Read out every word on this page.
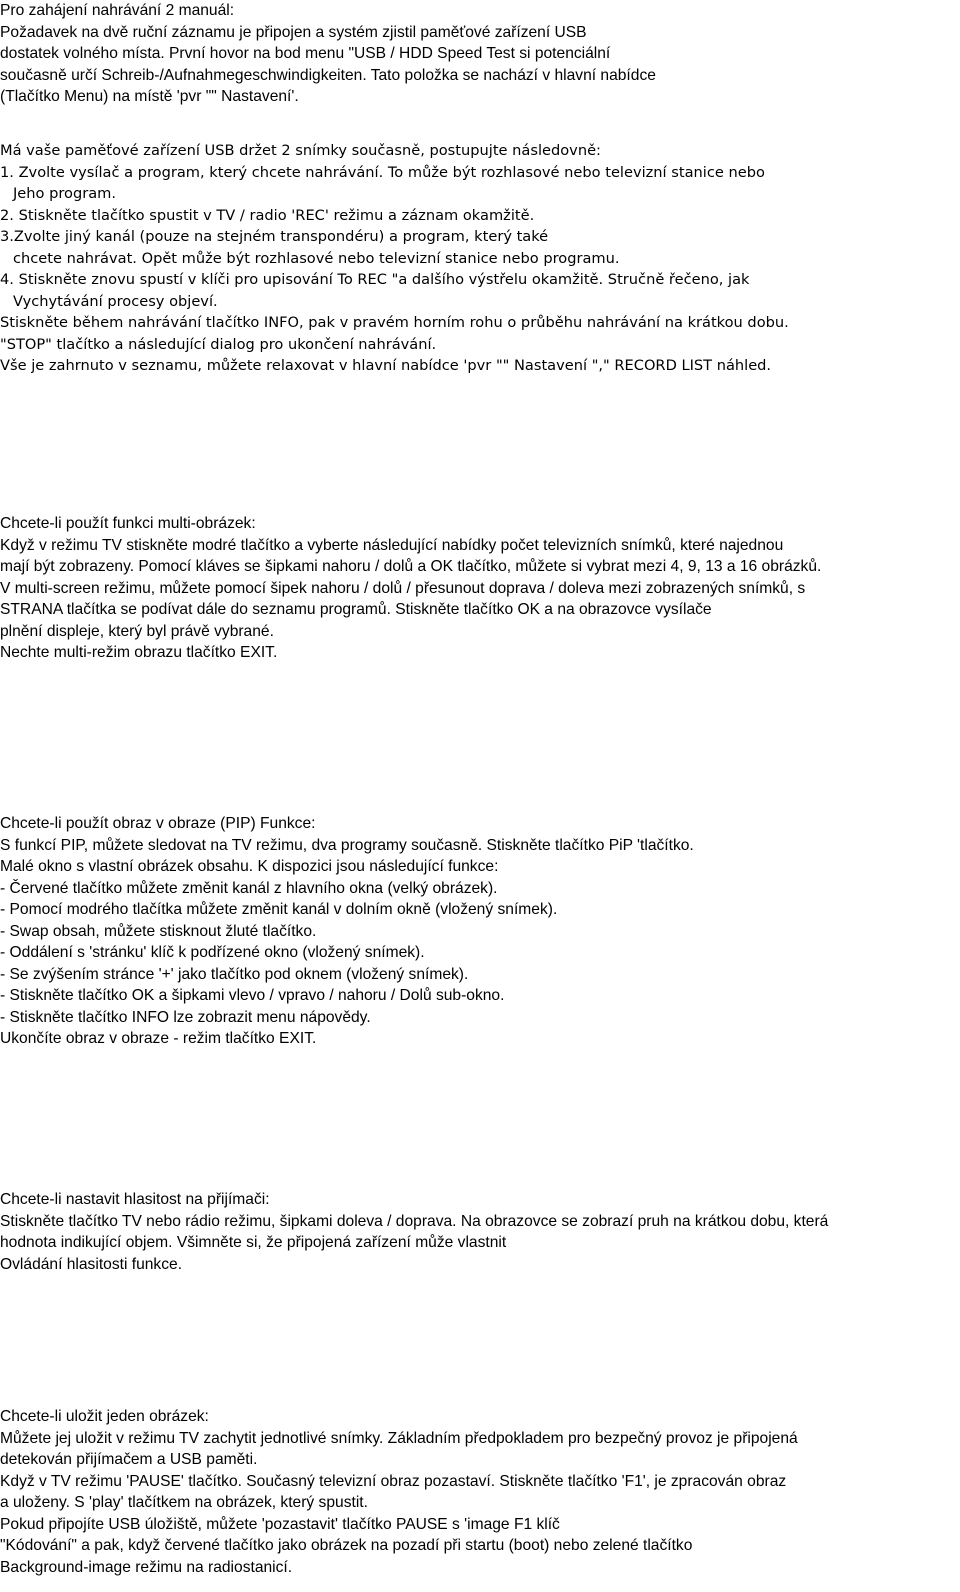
Pro zahájení nahrávání 2 manuál:
Požadavek na dvě ruční záznamu je připojen a systém zjistil paměťové zařízení USB
dostatek volného místa. První hovor na bod menu "USB / HDD Speed Test si potenciální
současně určí Schreib-/Aufnahmegeschwindigkeiten. Tato položka se nachází v hlavní nabídce
(Tlačítko Menu) na místě 'pvr "" Nastavení'.
Má vaše paměťové zařízení USB držet 2 snímky současně, postupujte následovně:
1. Zvolte vysílač a program, který chcete nahrávání. To může být rozhlasové nebo televizní stanice nebo
Jeho program.
2. Stiskněte tlačítko spustit v TV / radio 'REC' režimu a záznam okamžitě.
3.Zvolte jiný kanál (pouze na stejném transpondéru) a program, který také
chcete nahrávat. Opět může být rozhlasové nebo televizní stanice nebo programu.
4. Stiskněte znovu spustí v klíči pro upisování To REC "a dalšího výstřelu okamžitě. Stručně řečeno, jak
Vychytávání procesy objeví.
Stiskněte během nahrávání tlačítko INFO, pak v pravém horním rohu o průběhu nahrávání na krátkou dobu.
"STOP" tlačítko a následující dialog pro ukončení nahrávání.
Vše je zahrnuto v seznamu, můžete relaxovat v hlavní nabídce 'pvr "" Nastavení "," RECORD LIST náhled.
Chcete-li použít funkci multi-obrázek:
Když v režimu TV stiskněte modré tlačítko a vyberte následující nabídky počet televizních snímků, které najednou
mají být zobrazeny. Pomocí kláves se šipkami nahoru / dolů a OK tlačítko, můžete si vybrat mezi 4, 9, 13 a 16 obrázků.
V multi-screen režimu, můžete pomocí šipek nahoru / dolů / přesunout doprava / doleva mezi zobrazených snímků, s
STRANA tlačítka se podívat dále do seznamu programů. Stiskněte tlačítko OK a na obrazovce vysílače
plnění displeje, který byl právě vybrané.
Nechte multi-režim obrazu tlačítko EXIT.
Chcete-li použít obraz v obraze (PIP) Funkce:
S funkcí PIP, můžete sledovat na TV režimu, dva programy současně. Stiskněte tlačítko PiP 'tlačítko.
Malé okno s vlastní obrázek obsahu. K dispozici jsou následující funkce:
- Červené tlačítko můžete změnit kanál z hlavního okna (velký obrázek).
- Pomocí modrého tlačítka můžete změnit kanál v dolním okně (vložený snímek).
- Swap obsah, můžete stisknout žluté tlačítko.
- Oddálení s 'stránku' klíč k podřízené okno (vložený snímek).
- Se zvýšením stránce '+' jako tlačítko pod oknem (vložený snímek).
- Stiskněte tlačítko OK a šipkami vlevo / vpravo / nahoru / Dolů sub-okno.
- Stiskněte tlačítko INFO lze zobrazit menu nápovědy.
Ukončíte obraz v obraze - režim tlačítko EXIT.
Chcete-li nastavit hlasitost na přijímači:
Stiskněte tlačítko TV nebo rádio režimu, šipkami doleva / doprava. Na obrazovce se zobrazí pruh na krátkou dobu, která
hodnota indikující objem. Všimněte si, že připojená zařízení může vlastnit
Ovládání hlasitosti funkce.
Chcete-li uložit jeden obrázek:
Můžete jej uložit v režimu TV zachytit jednotlivé snímky. Základním předpokladem pro bezpečný provoz je připojená
detekován přijímačem a USB paměti.
Když v TV režimu 'PAUSE' tlačítko. Současný televizní obraz pozastaví. Stiskněte tlačítko 'F1', je zpracován obraz
a uloženy. S 'play' tlačítkem na obrázek, který spustit.
Pokud připojíte USB úložiště, můžete 'pozastavit' tlačítko PAUSE s 'image F1 klíč
"Kódování" a pak, když červené tlačítko jako obrázek na pozadí při startu (boot) nebo zelené tlačítko
Background-image režimu na radiostanicí.
